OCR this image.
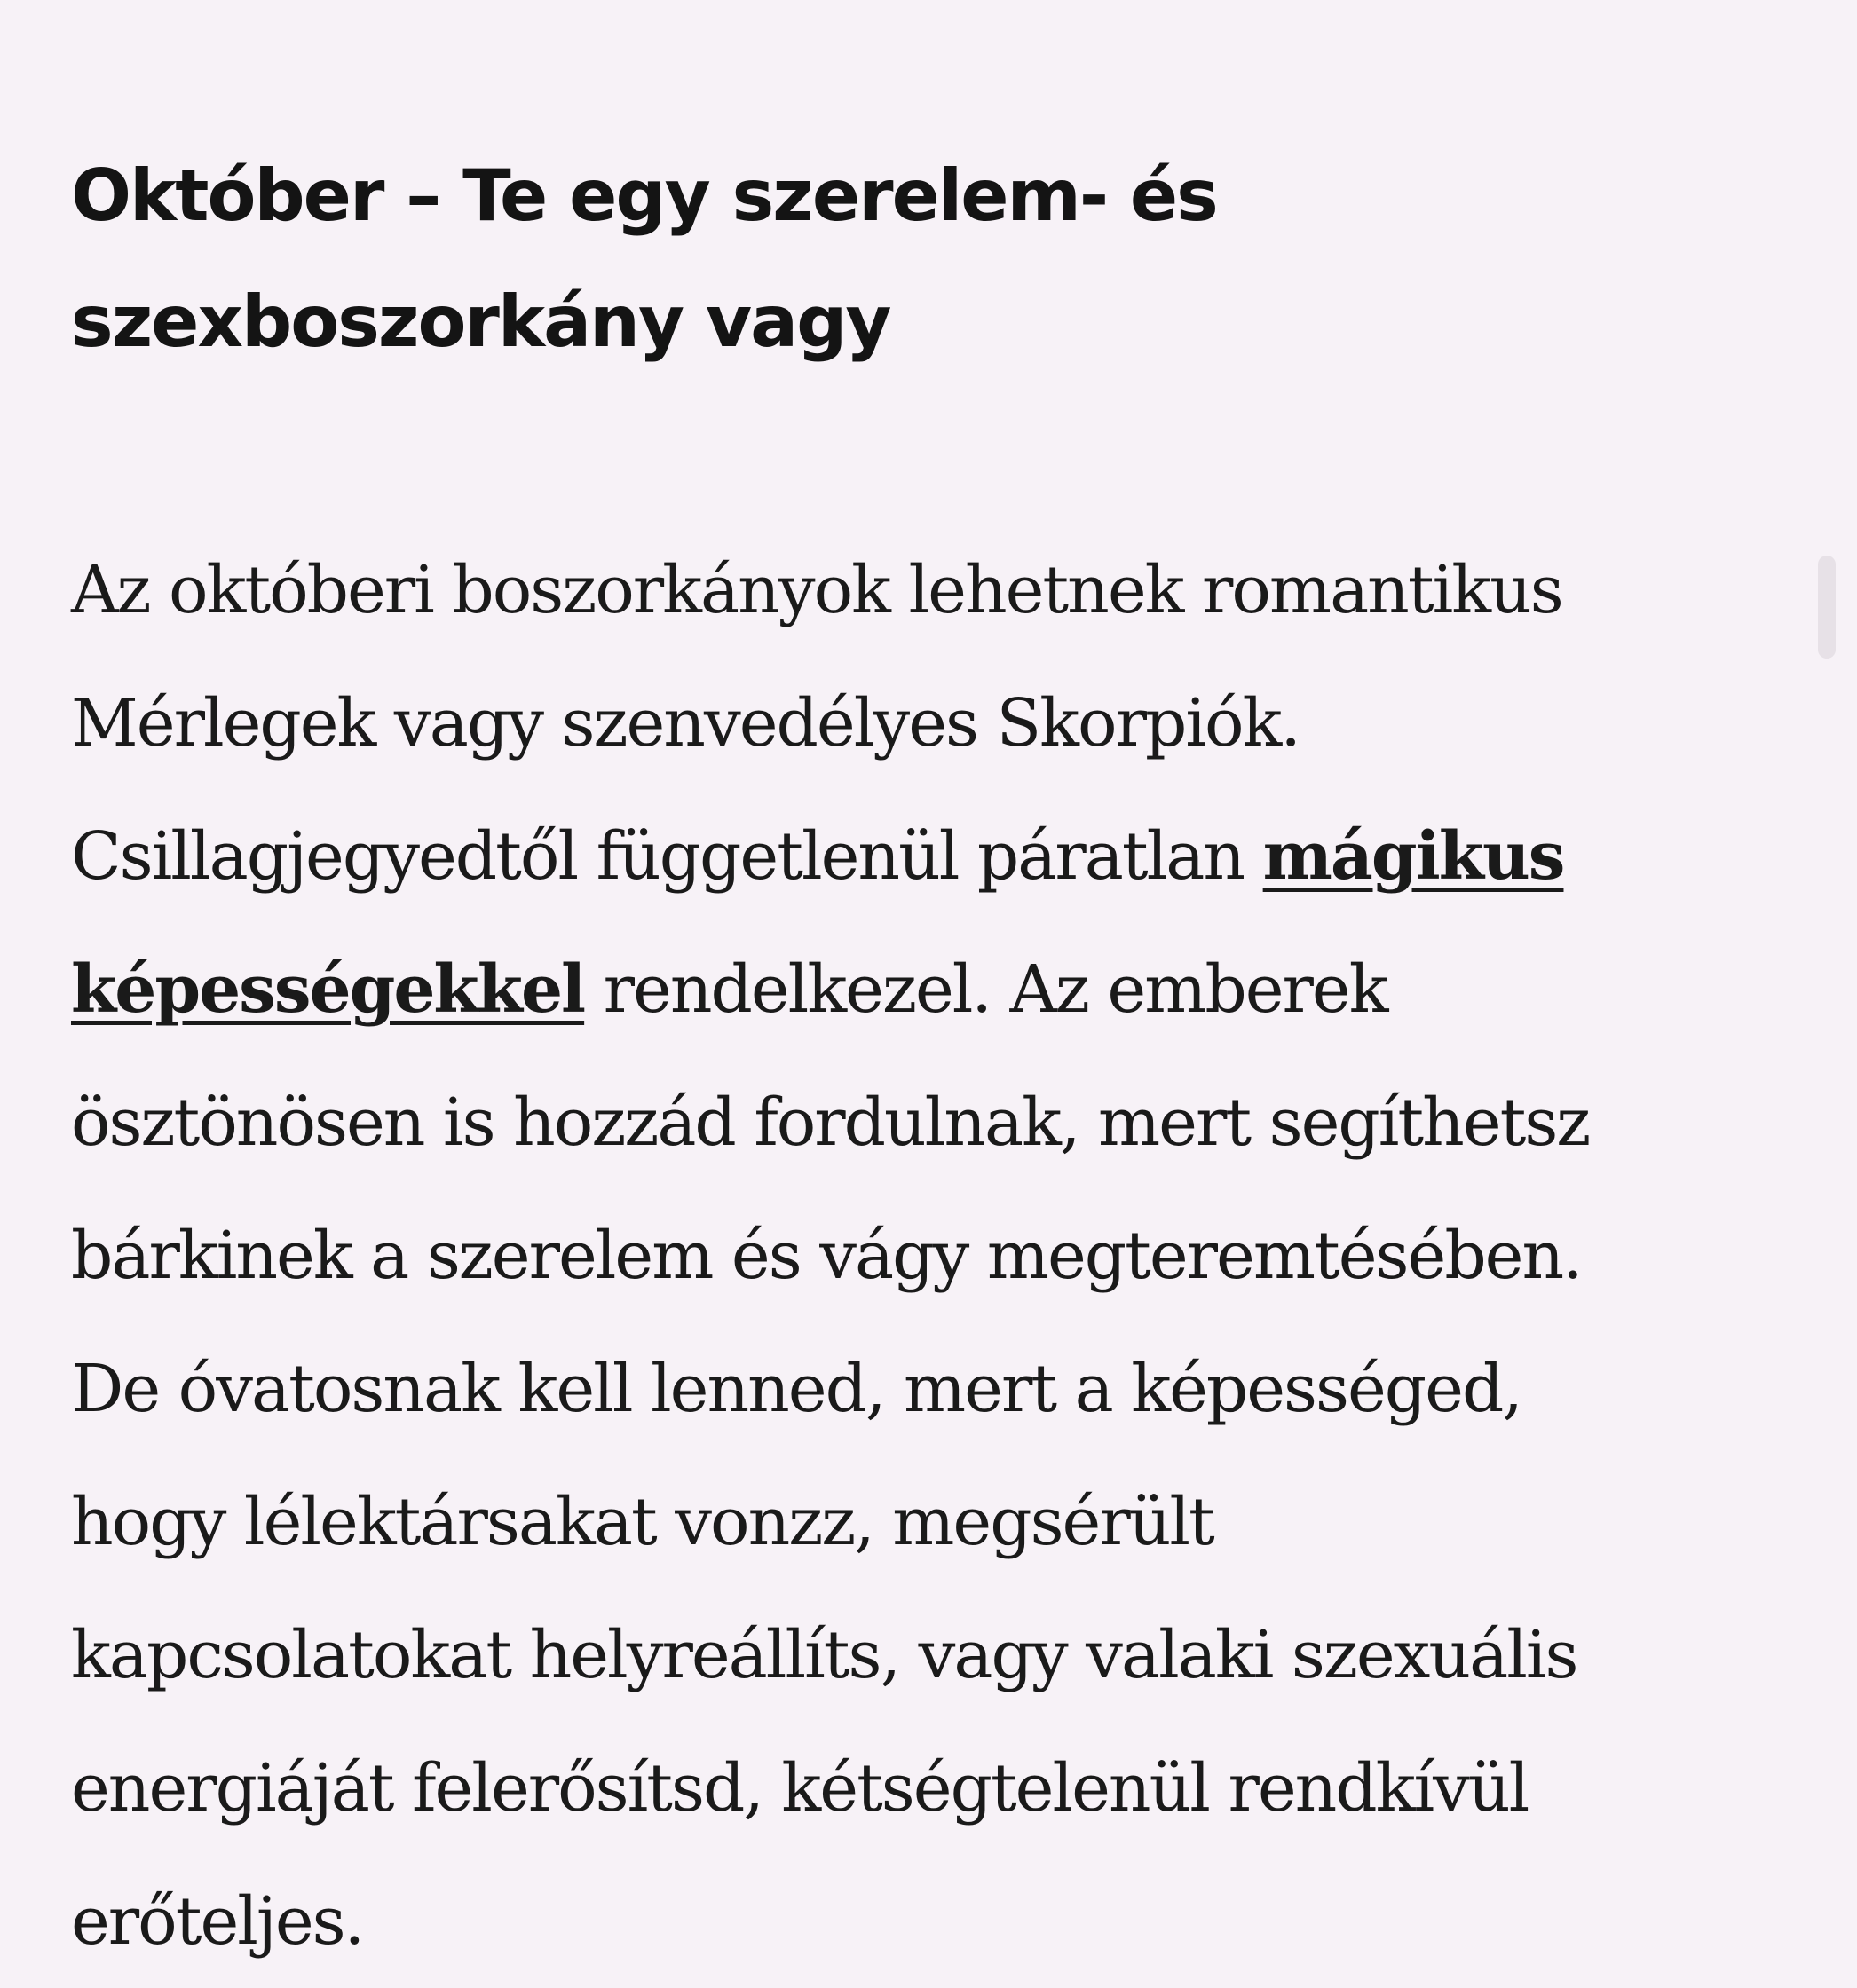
Október – Te egy szerelem- és
szexboszorkány vagy

Az októberi boszorkányok lehetnek romantikus
Mérlegek vagy szenvedélyes Skorpiók.
Csillagjegyedtől függetlenül páratlan mágikus
képességekkel rendelkezel. Az emberek
ösztönösen is hozzád fordulnak, mert segíthetsz
bárkinek a szerelem és vágy megteremtésében.
De óvatosnak kell lenned, mert a képességed,
hogy lélektársakat vonzz, megsérült
kapcsolatokat helyreállíts, vagy valaki szexuális
energiáját felerősítsd, kétségtelenül rendkívül
erőteljes.
